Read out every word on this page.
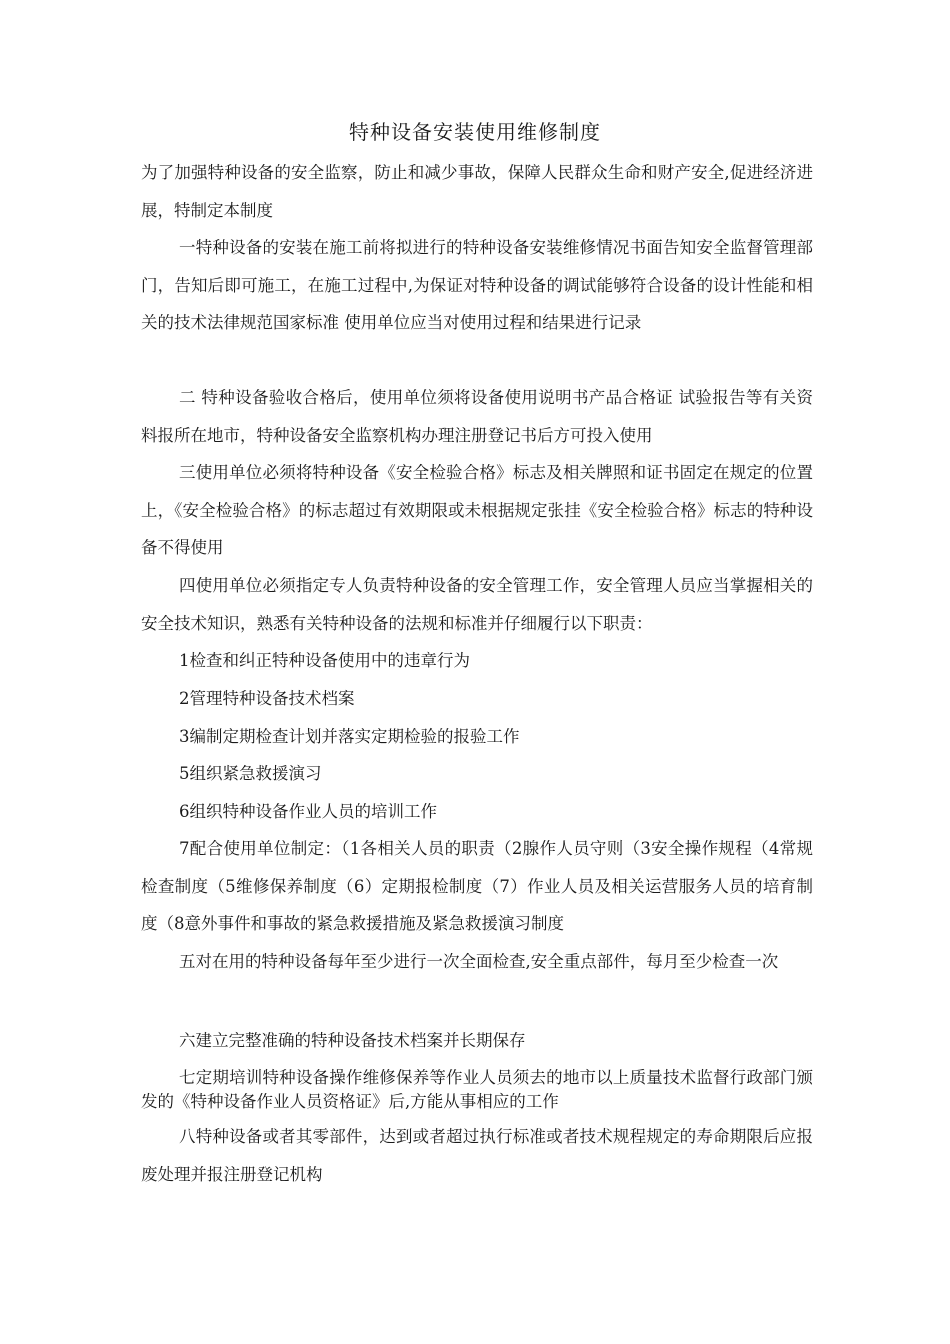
特种设备安装使用维修制度

为了加强特种设备的安全监察，防止和减少事故，保障人民群众生命和财产安全,促进经济进展，特制定本制度

一特种设备的安装在施工前将拟进行的特种设备安装维修情况书面告知安全监督管理部门，告知后即可施工，在施工过程中,为保证对特种设备的调试能够符合设备的设计性能和相关的技术法律规范国家标准 使用单位应当对使用过程和结果进行记录

二 特种设备验收合格后，使用单位须将设备使用说明书产品合格证 试验报告等有关资料报所在地市，特种设备安全监察机构办理注册登记书后方可投入使用

三使用单位必须将特种设备《安全检验合格》标志及相关牌照和证书固定在规定的位置上，《安全检验合格》的标志超过有效期限或未根据规定张挂《安全检验合格》标志的特种设备不得使用

四使用单位必须指定专人负责特种设备的安全管理工作，安全管理人员应当掌握相关的安全技术知识，熟悉有关特种设备的法规和标准并仔细履行以下职责：

1检查和纠正特种设备使用中的违章行为

2管理特种设备技术档案

3编制定期检查计划并落实定期检验的报验工作

5组织紧急救援演习

6组织特种设备作业人员的培训工作

7配合使用单位制定：（1各相关人员的职责（2腺作人员守则（3安全操作规程（4常规检查制度（5维修保养制度（6）定期报检制度（7）作业人员及相关运营服务人员的培育制度（8意外事件和事故的紧急救援措施及紧急救援演习制度

五对在用的特种设备每年至少进行一次全面检查,安全重点部件，每月至少检查一次

六建立完整准确的特种设备技术档案并长期保存

七定期培训特种设备操作维修保养等作业人员须去的地市以上质量技术监督行政部门颁发的《特种设备作业人员资格证》后,方能从事相应的工作

八特种设备或者其零部件，达到或者超过执行标准或者技术规程规定的寿命期限后应报废处理并报注册登记机构
